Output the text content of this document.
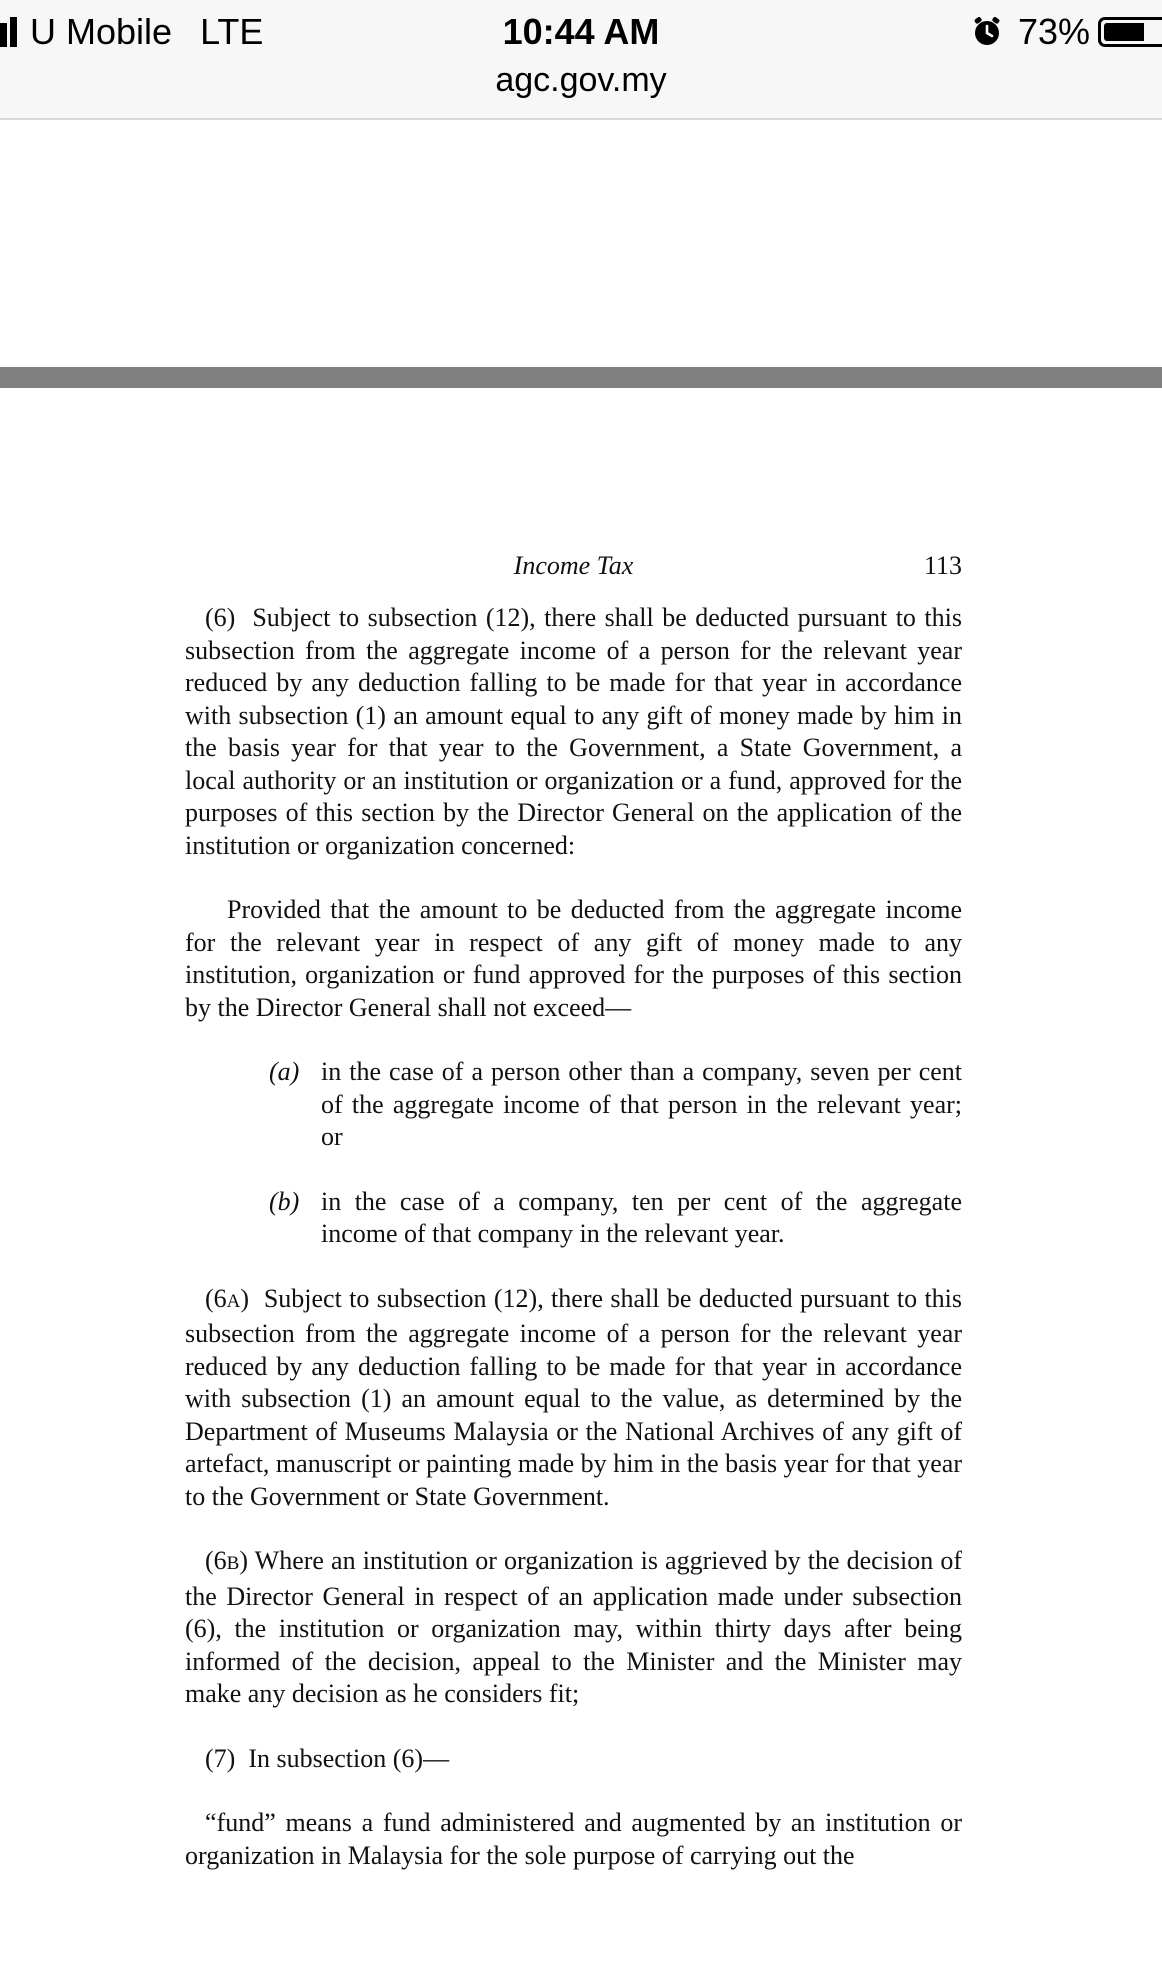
U Mobile LTE	10:44 AM	73%
agc.gov.my
Income Tax	113

(6) Subject to subsection (12), there shall be deducted pursuant to this subsection from the aggregate income of a person for the relevant year reduced by any deduction falling to be made for that year in accordance with subsection (1) an amount equal to any gift of money made by him in the basis year for that year to the Government, a State Government, a local authority or an institution or organization or a fund, approved for the purposes of this section by the Director General on the application of the institution or organization concerned:

Provided that the amount to be deducted from the aggregate income for the relevant year in respect of any gift of money made to any institution, organization or fund approved for the purposes of this section by the Director General shall not exceed—

(a) in the case of a person other than a company, seven per cent of the aggregate income of that person in the relevant year; or
(b) in the case of a company, ten per cent of the aggregate income of that company in the relevant year.

(6A) Subject to subsection (12), there shall be deducted pursuant to this subsection from the aggregate income of a person for the relevant year reduced by any deduction falling to be made for that year in accordance with subsection (1) an amount equal to the value, as determined by the Department of Museums Malaysia or the National Archives of any gift of artefact, manuscript or painting made by him in the basis year for that year to the Government or State Government.

(6B) Where an institution or organization is aggrieved by the decision of the Director General in respect of an application made under subsection (6), the institution or organization may, within thirty days after being informed of the decision, appeal to the Minister and the Minister may make any decision as he considers fit;

(7) In subsection (6)—

“fund” means a fund administered and augmented by an institution or organization in Malaysia for the sole purpose of carrying out the
